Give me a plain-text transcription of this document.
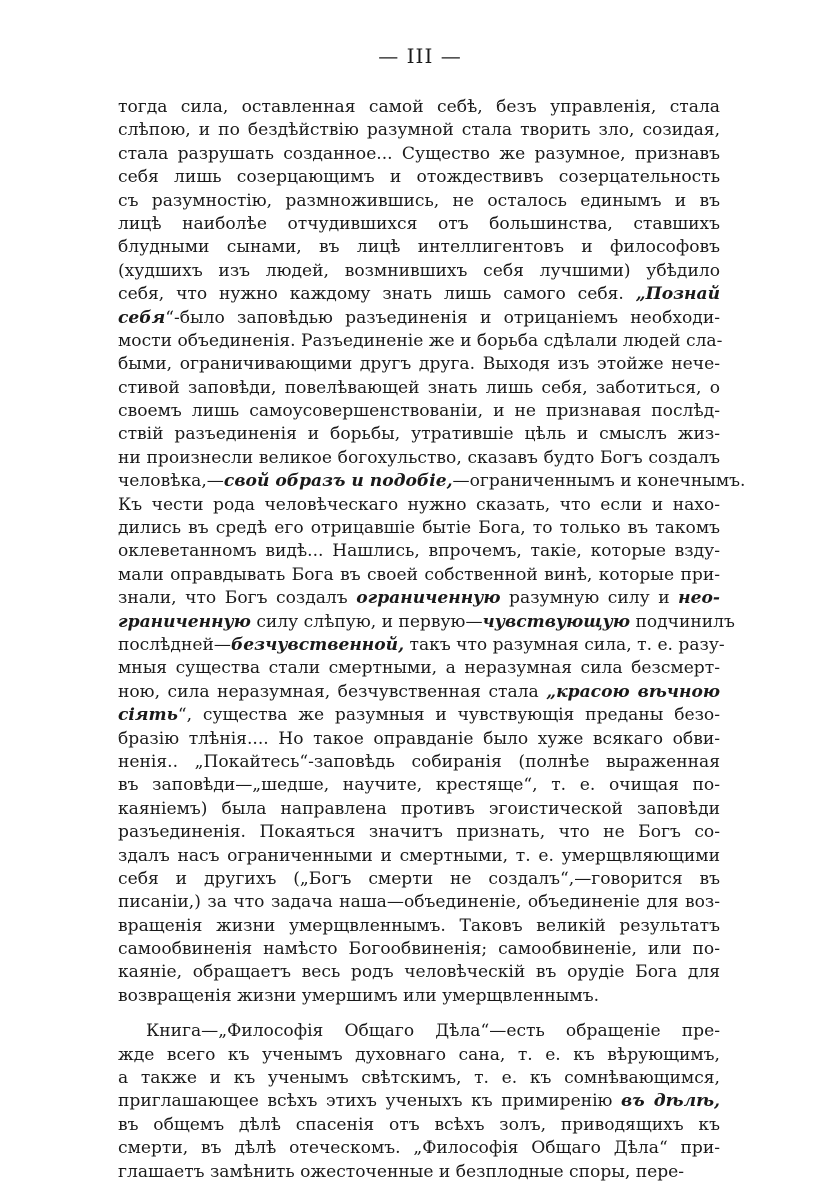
— III —
тогда сила, оставленная самой себѣ, безъ управленія, стала
слѣпою, и по бездѣйствію разумной стала творить зло, созидая,
стала разрушать созданное... Существо же разумное, признавъ
себя лишь созерцающимъ и отождествивъ созерцательность
съ разумностію, размножившись, не осталось единымъ и въ
лицѣ наиболѣе отчудившихся отъ большинства, ставшихъ
блудными сынами, въ лицѣ интеллигентовъ и философовъ
(худшихъ изъ людей, возмнившихъ себя лучшими) убѣдило
себя, что нужно каждому знать лишь самого себя. „Познай
себя“-было заповѣдью разъединенія и отрицаніемъ необходи-
мости объединенія. Разъединеніе же и борьба сдѣлали людей сла-
быми, ограничивающими другъ друга. Выходя изъ этойже нече-
стивой заповѣди, повелѣвающей знать лишь себя, заботиться, о
своемъ лишь самоусовершенствованіи, и не признавая послѣд-
ствій разъединенія и борьбы, утратившіе цѣль и смыслъ жиз-
ни произнесли великое богохульство, сказавъ будто Богъ создалъ
человѣка,—свой образъ и подобіе,—ограниченнымъ и конечнымъ.
Къ чести рода человѣческаго нужно сказать, что если и нахо-
дились въ средѣ его отрицавшіе бытіе Бога, то только въ такомъ
оклеветанномъ видѣ... Нашлись, впрочемъ, такіе, которые взду-
мали оправдывать Бога въ своей собственной винѣ, которые при-
знали, что Богъ создалъ ограниченную разумную силу и нео-
граниченную силу слѣпую, и первую—чувствующую подчинилъ
послѣдней—безчувственной, такъ что разумная сила, т. е. разу-
мныя существа стали смертными, а неразумная сила безсмерт-
ною, сила неразумная, безчувственная стала „красою вѣчною
сіять“, существа же разумныя и чувствующія преданы безо-
бразію тлѣнія.... Но такое оправданіе было хуже всякаго обви-
ненія.. „Покайтесь“-заповѣдь собиранія (полнѣе выраженная
въ заповѣди—„шедше, научите, крестяще“, т. е. очищая по-
каяніемъ) была направлена противъ эгоистической заповѣди
разъединенія. Покаяться значитъ признать, что не Богъ со-
здалъ насъ ограниченными и смертными, т. е. умерщвляющими
себя и другихъ („Богъ смерти не создалъ“,—говорится въ
писаніи,) за что задача наша—объединеніе, объединеніе для воз-
вращенія жизни умерщвленнымъ. Таковъ великій результатъ
самообвиненія намѣсто Богообвиненія; самообвиненіе, или по-
каяніе, обращаетъ весь родъ человѣческій въ орудіе Бога для
возвращенія жизни умершимъ или умерщвленнымъ.
Книга—„Философія Общаго Дѣла“—есть обращеніе пре-
жде всего къ ученымъ духовнаго сана, т. е. къ вѣрующимъ,
а также и къ ученымъ свѣтскимъ, т. е. къ сомнѣвающимся,
приглашающее всѣхъ этихъ ученыхъ къ примиренію въ дѣлѣ,
въ общемъ дѣлѣ спасенія отъ всѣхъ золъ, приводящихъ къ
смерти, въ дѣлѣ отеческомъ. „Философія Общаго Дѣла“ при-
глашаетъ замѣнить ожесточенные и безплодные споры, пере-
